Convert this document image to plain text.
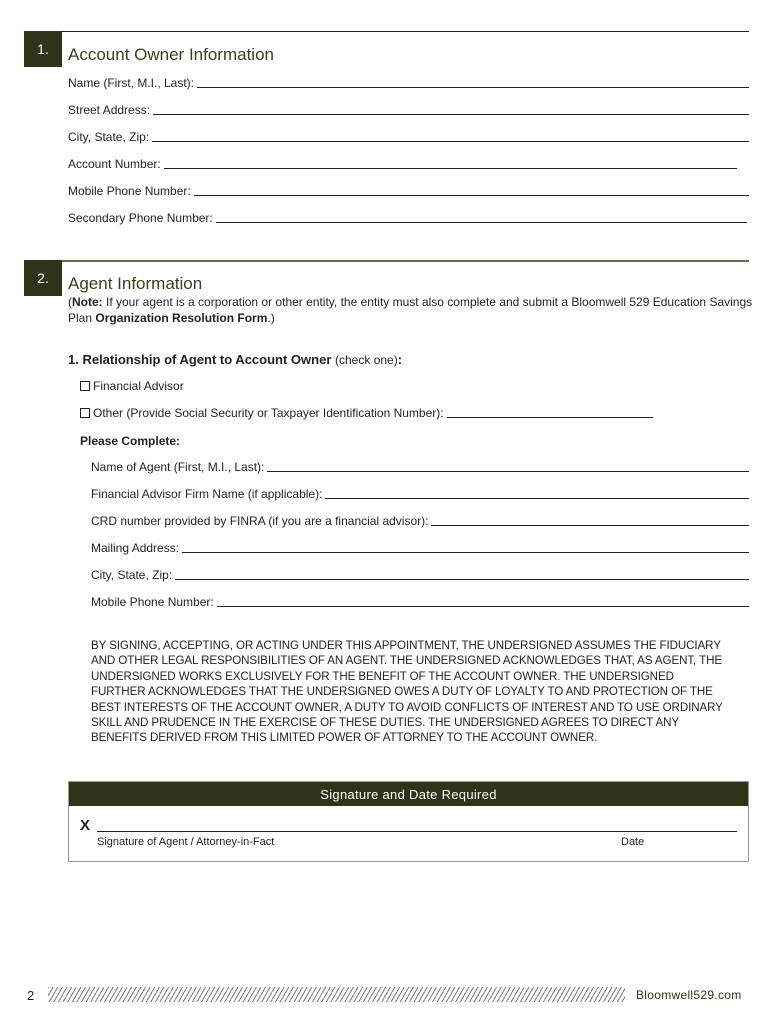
1.	Account Owner Information
Name (First, M.I., Last):
Street Address:
City, State, Zip:
Account Number:
Mobile Phone Number:
Secondary Phone Number:
2.	Agent Information
(Note: If your agent is a corporation or other entity, the entity must also complete and submit a Bloomwell 529 Education Savings Plan Organization Resolution Form.)
1. Relationship of Agent to Account Owner (check one):
Financial Advisor
Other (Provide Social Security or Taxpayer Identification Number):
Please Complete:
Name of Agent (First, M.I., Last):
Financial Advisor Firm Name (if applicable):
CRD number provided by FINRA (if you are a financial advisor):
Mailing Address:
City, State, Zip:
Mobile Phone Number:
BY SIGNING, ACCEPTING, OR ACTING UNDER THIS APPOINTMENT, THE UNDERSIGNED ASSUMES THE FIDUCIARY AND OTHER LEGAL RESPONSIBILITIES OF AN AGENT. THE UNDERSIGNED ACKNOWLEDGES THAT, AS AGENT, THE UNDERSIGNED WORKS EXCLUSIVELY FOR THE BENEFIT OF THE ACCOUNT OWNER. THE UNDERSIGNED FURTHER ACKNOWLEDGES THAT THE UNDERSIGNED OWES A DUTY OF LOYALTY TO AND PROTECTION OF THE BEST INTERESTS OF THE ACCOUNT OWNER, A DUTY TO AVOID CONFLICTS OF INTEREST AND TO USE ORDINARY SKILL AND PRUDENCE IN THE EXERCISE OF THESE DUTIES. THE UNDERSIGNED AGREES TO DIRECT ANY BENEFITS DERIVED FROM THIS LIMITED POWER OF ATTORNEY TO THE ACCOUNT OWNER.
Signature and Date Required
X
Signature of Agent / Attorney-in-Fact	Date
2	Bloomwell529.com
